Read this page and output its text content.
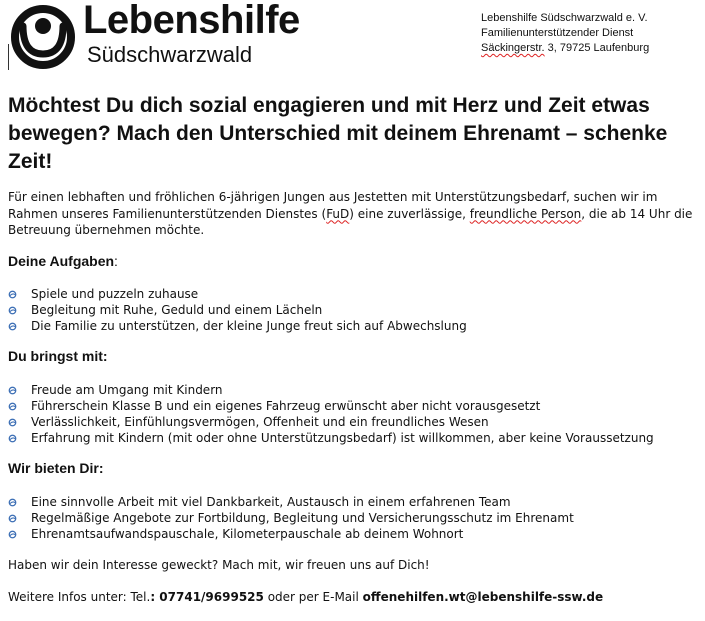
Lebenshilfe
Südschwarzwald
Lebenshilfe Südschwarzwald e. V.
Familienunterstützender Dienst
Säckingerstr. 3, 79725 Laufenburg
Möchtest Du dich sozial engagieren und mit Herz und Zeit etwas bewegen? Mach den Unterschied mit deinem Ehrenamt – schenke Zeit!

Für einen lebhaften und fröhlichen 6-jährigen Jungen aus Jestetten mit Unterstützungsbedarf, suchen wir im Rahmen unseres Familienunterstützenden Dienstes (FuD) eine zuverlässige, freundliche Person, die ab 14 Uhr die Betreuung übernehmen möchte.

Deine Aufgaben:
Spiele und puzzeln zuhause
Begleitung mit Ruhe, Geduld und einem Lächeln
Die Familie zu unterstützen, der kleine Junge freut sich auf Abwechslung
Du bringst mit:
Freude am Umgang mit Kindern
Führerschein Klasse B und ein eigenes Fahrzeug erwünscht aber nicht vorausgesetzt
Verlässlichkeit, Einfühlungsvermögen, Offenheit und ein freundliches Wesen
Erfahrung mit Kindern (mit oder ohne Unterstützungsbedarf) ist willkommen, aber keine Voraussetzung
Wir bieten Dir:
Eine sinnvolle Arbeit mit viel Dankbarkeit, Austausch in einem erfahrenen Team
Regelmäßige Angebote zur Fortbildung, Begleitung und Versicherungsschutz im Ehrenamt
Ehrenamtsaufwandspauschale, Kilometerpauschale ab deinem Wohnort

Haben wir dein Interesse geweckt? Mach mit, wir freuen uns auf Dich!

Weitere Infos unter: Tel.: 07741/9699525 oder per E-Mail offenehilfen.wt@lebenshilfe-ssw.de
